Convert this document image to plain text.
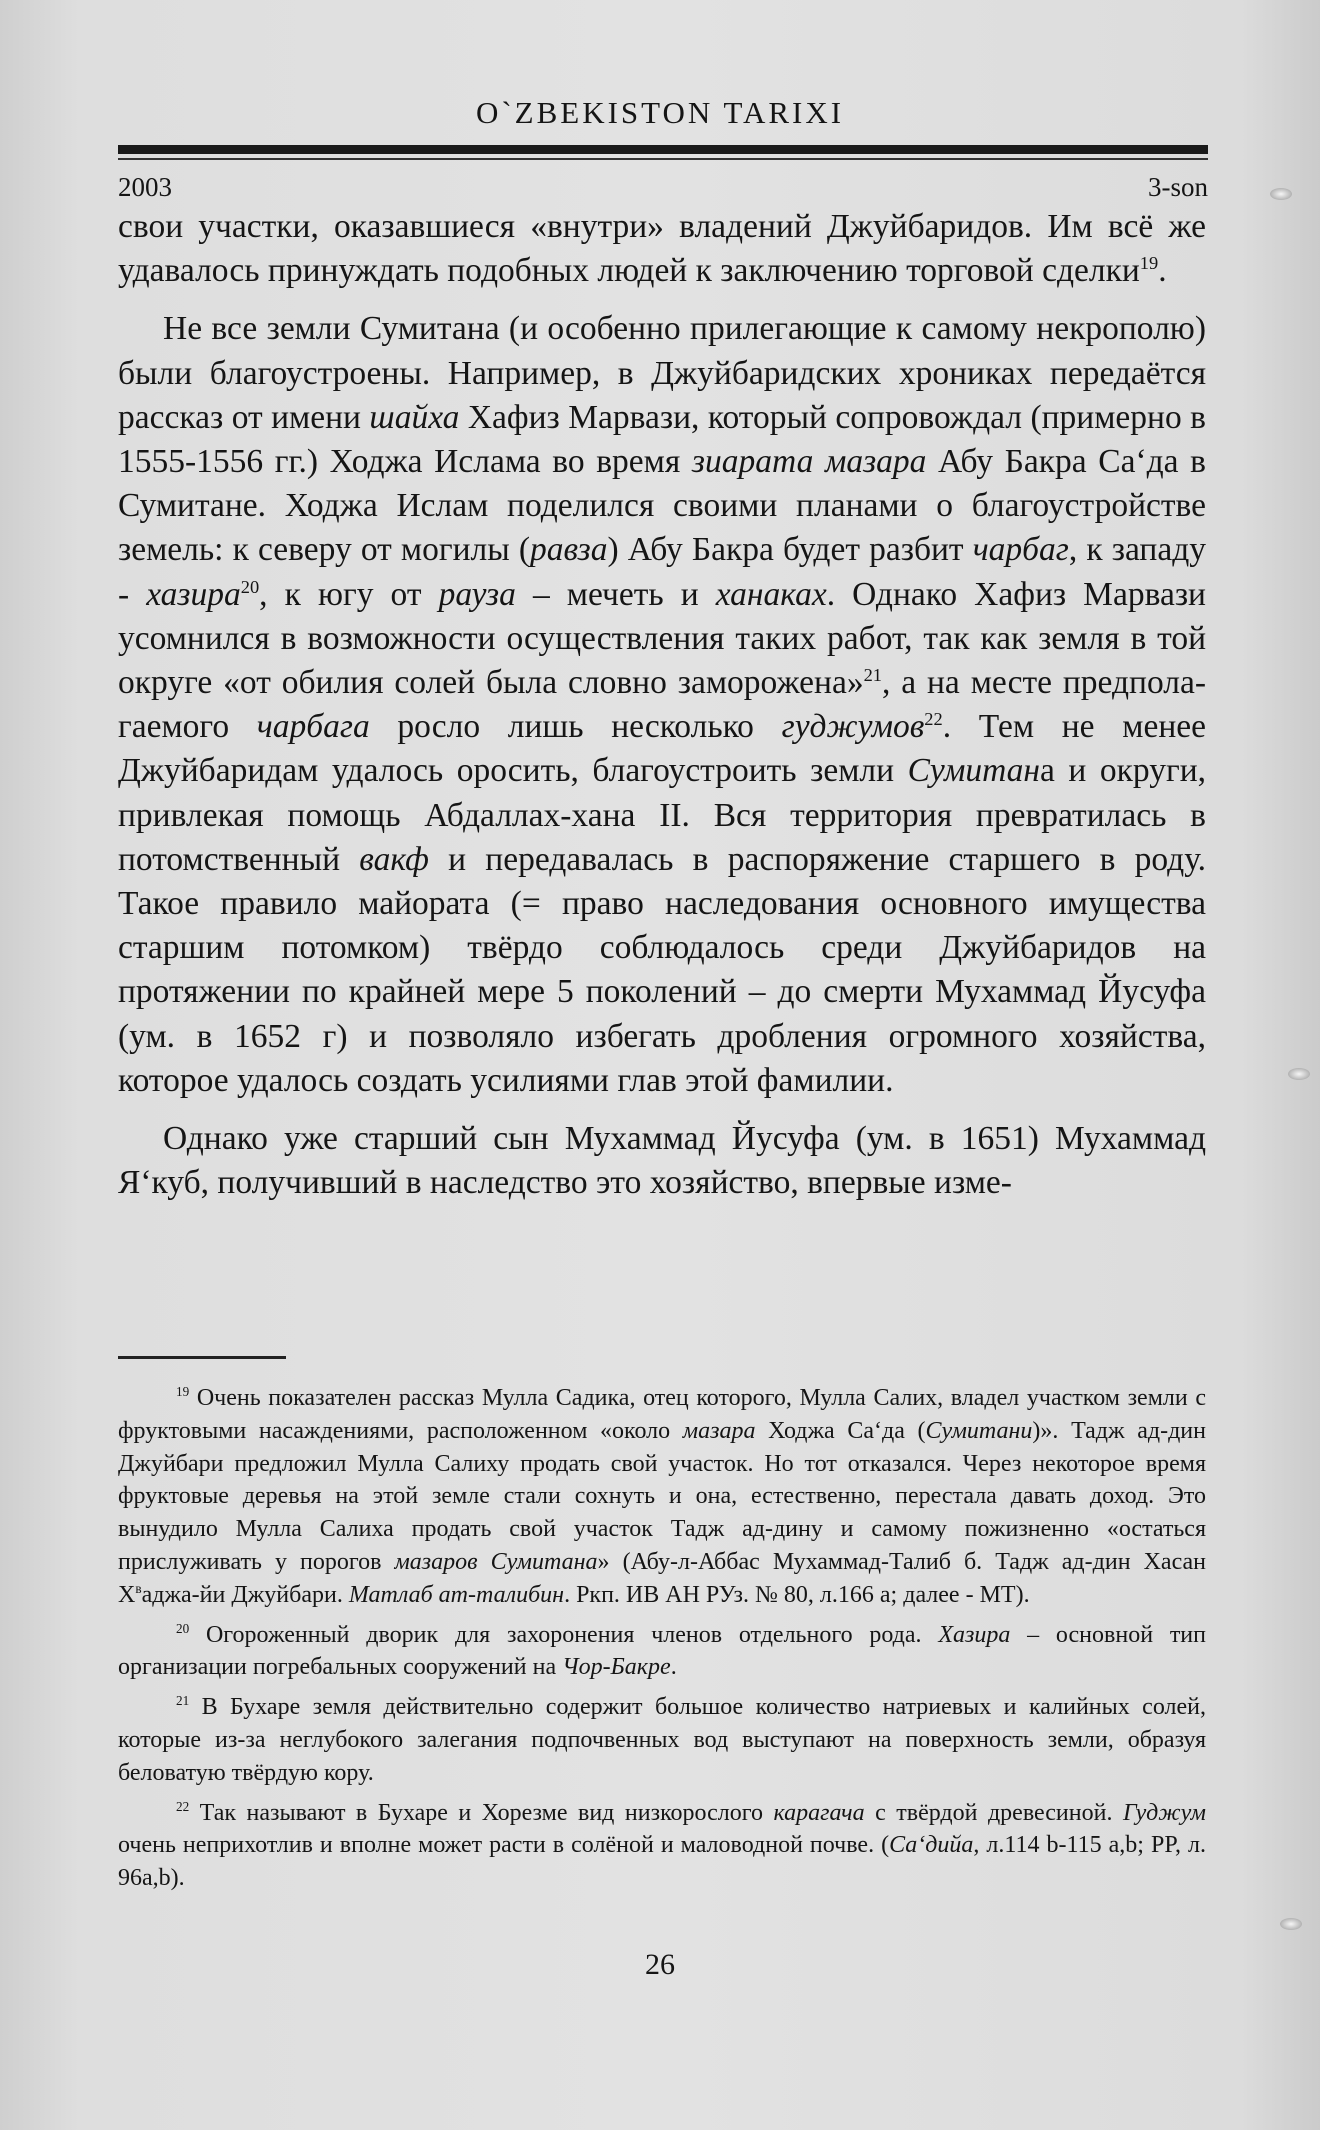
O`ZBEKISTON TARIXI
2003	3-son

свои участки, оказавшиеся «внутри» владений Джуйбаридов. Им всё же удавалось принуждать подобных людей к заключению торговой сделки$^{19}$.

Не все земли Сумитана (и особенно прилегающие к самому некрополю) были благоустроены. Например, в Джуйбаридских хрониках передаётся рассказ от имени шайха Хафиз Марвази, который сопровождал (примерно в 1555-1556 гг.) Ходжа Ислама во время зиарата мазара Абу Бакра Са‘да в Сумитане. Ходжа Ислам поделился своими планами о благоустройстве земель: к северу от могилы (равза) Абу Бакра будет разбит чарбаг, к западу - хазира$^{20}$, к югу от рауза – мечеть и ханаках. Однако Хафиз Марвази усомнился в возможности осуществления таких работ, так как земля в той округе «от обилия солей была словно заморожена»$^{21}$, а на месте предполагаемого чарбага росло лишь несколько гуджумов$^{22}$. Тем не менее Джуйбаридам удалось оросить, благоустроить земли Сумитана и округи, привлекая помощь Абдаллах-хана II. Вся территория превратилась в потомственный вакф и передавалась в распоряжение старшего в роду. Такое правило майората (= право наследования основного имущества старшим потомком) твёрдо соблюдалось среди Джуйбаридов на протяжении по крайней мере 5 поколений – до смерти Мухаммад Йусуфа (ум. в 1652 г) и позволяло избегать дробления огромного хозяйства, которое удалось создать усилиями глав этой фамилии.

Однако уже старший сын Мухаммад Йусуфа (ум. в 1651) Мухаммад Я‘куб, получивший в наследство это хозяйство, впервые изме-

$^{19}$ Очень показателен рассказ Мулла Садика, отец которого, Мулла Салих, владел участком земли с фруктовыми насаждениями, расположенном «около мазара Ходжа Са‘да (Сумитани)». Тадж ад-дин Джуйбари предложил Мулла Салиху продать свой участок. Но тот отказался. Через некоторое время фруктовые деревья на этой земле стали сохнуть и она, естественно, перестала давать доход. Это вынудило Мулла Салиха продать свой участок Тадж ад-дину и самому пожизненно «остаться прислуживать у порогов мазаров Сумитана» (Абу-л-Аббас Мухаммад-Талиб б. Тадж ад-дин Хасан $Х^ваджа-йи$ Джуйбари. Матлаб ат-талибин. Ркп. ИВ АН РУз. № 80, л.166 а; далее - МТ).

$^{20}$ Огороженный дворик для захоронения членов отдельного рода. Хазира – основной тип организации погребальных сооружений на Чор-Бакре.

$^{21}$ В Бухаре земля действительно содержит большое количество натриевых и калийных солей, которые из-за неглубокого залегания подпочвенных вод выступают на поверхность земли, образуя беловатую твёрдую кору.

$^{22}$ Так называют в Бухаре и Хорезме вид низкорослого карагача с твёрдой древесиной. Гуджум очень неприхотлив и вполне может расти в солёной и маловодной почве. (Са‘дийа, л.114 b-115 a,b; PP, л. 96a,b).

26
